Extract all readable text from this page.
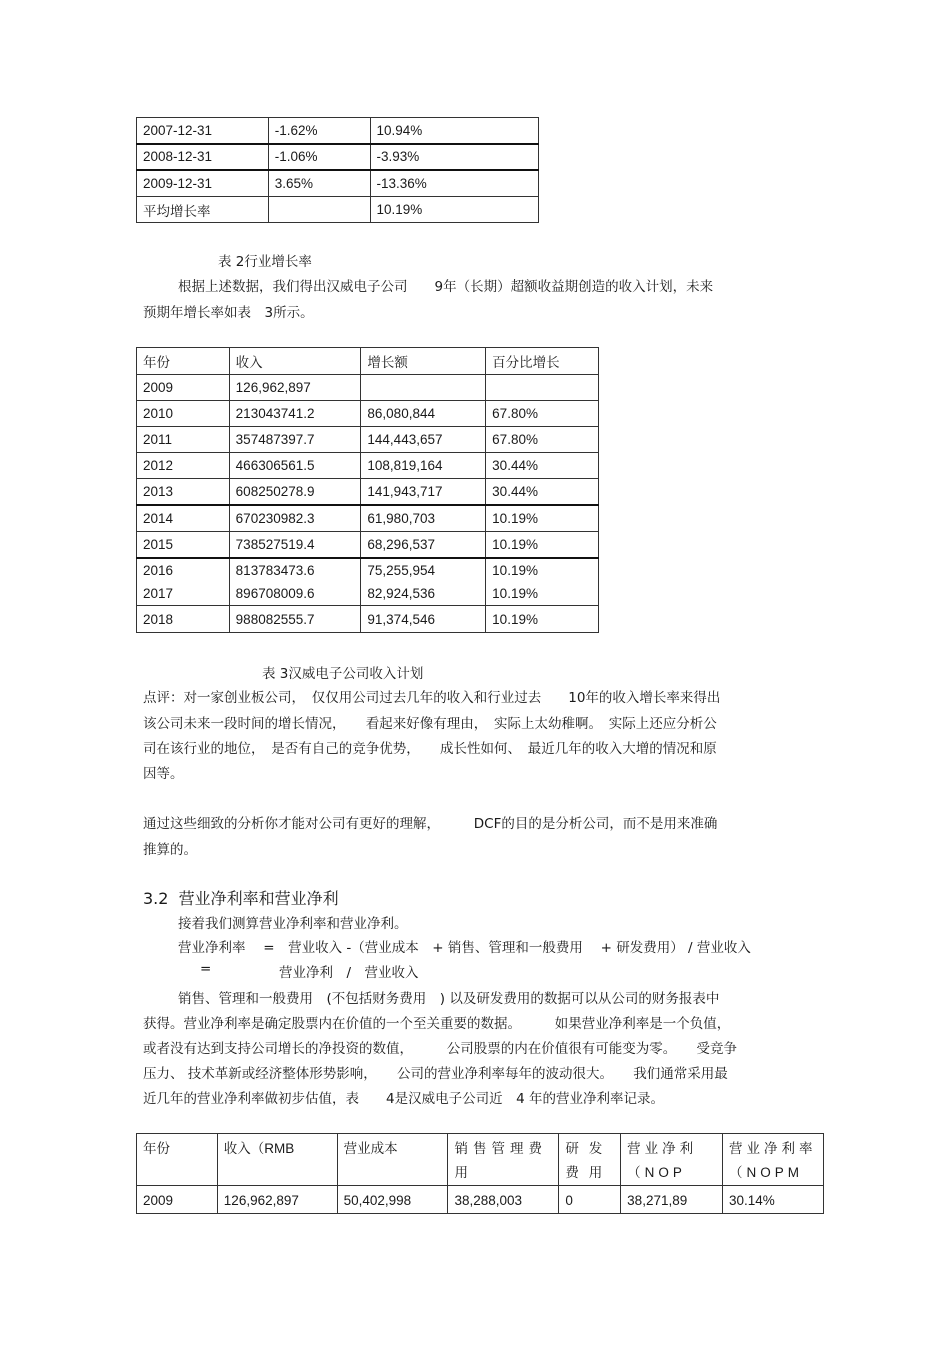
2007-12-31	-1.62%	10.94%
2008-12-31	-1.06%	-3.93%
2009-12-31	3.65%	-13.36%
平均增长率		10.19%
表 2行业增长率
根据上述数据，我们得出汉威电子公司　　9年（长期）超额收益期创造的收入计划，未来
预期年增长率如表　3所示。
年份	收入	增长额	百分比增长
2009	126,962,897		
2010	213043741.2	86,080,844	67.80%
2011	357487397.7	144,443,657	67.80%
2012	466306561.5	108,819,164	30.44%
2013	608250278.9	141,943,717	30.44%
2014	670230982.3	61,980,703	10.19%
2015	738527519.4	68,296,537	10.19%
2016	813783473.6	75,255,954	10.19%
2017	896708009.6	82,924,536	10.19%
2018	988082555.7	91,374,546	10.19%
表 3汉威电子公司收入计划
点评：对一家创业板公司，　仅仅用公司过去几年的收入和行业过去　　10年的收入增长率来得出
该公司未来一段时间的增长情况，　　看起来好像有理由，　实际上太幼稚啊。　实际上还应分析公
司在该行业的地位，　是否有自己的竞争优势，　　成长性如何、　最近几年的收入大增的情况和原
因等。
通过这些细致的分析你才能对公司有更好的理解，　　　DCF的目的是分析公司，而不是用来准确
推算的。
3.2 营业净利率和营业净利
接着我们测算营业净利率和营业净利。
营业净利率　 =　营业收入 -（营业成本　+ 销售、管理和一般费用　 + 研发费用） / 营业收入
=	营业净利　/　营业收入
销售、管理和一般费用　(不包括财务费用　) 以及研发费用的数据可以从公司的财务报表中
获得。营业净利率是确定股票内在价值的一个至关重要的数据。　　　如果营业净利率是一个负值，
或者没有达到支持公司增长的净投资的数值，　　　公司股票的内在价值很有可能变为零。　　受竞争
压力、 技术革新或经济整体形势影响，　　公司的营业净利率每年的波动很大。　　我们通常采用最
近几年的营业净利率做初步估值，表　　4是汉威电子公司近　4 年的营业净利率记录。
年份	收入（RMB	营业成本	销售管理费用	研发费用	营业净利（NOP	营业净利率（NOPM
2009	126,962,897	50,402,998	38,288,003	0	38,271,89	30.14%
